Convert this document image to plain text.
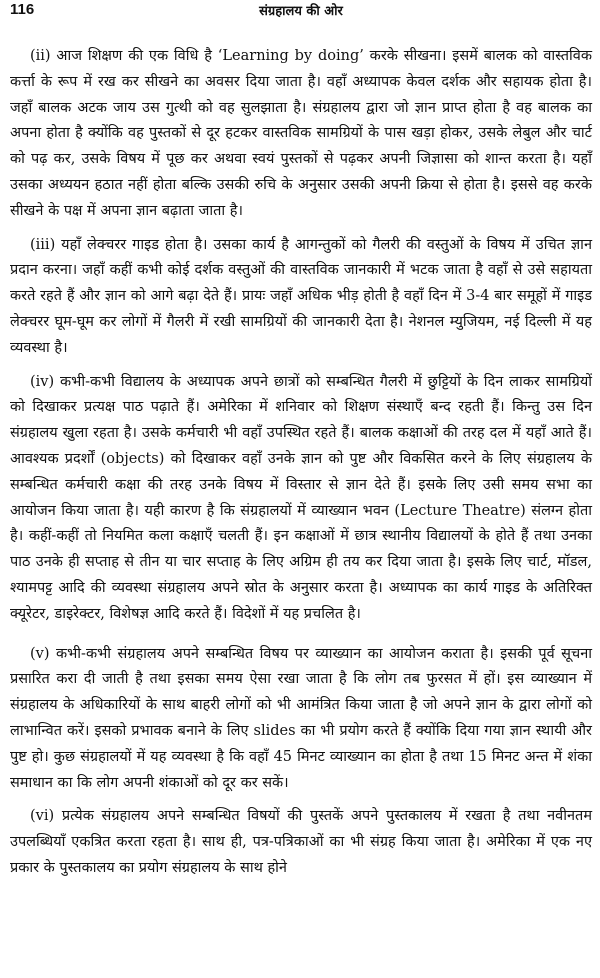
116	संग्रहालय की ओर

(ii) आज शिक्षण की एक विधि है ‘Learning by doing’ करके सीखना। इसमें बालक को वास्तविक कर्त्ता के रूप में रख कर सीखने का अवसर दिया जाता है। वहाँ अध्यापक केवल दर्शक और सहायक होता है। जहाँ बालक अटक जाय उस गुत्थी को वह सुलझाता है। संग्रहालय द्वारा जो ज्ञान प्राप्त होता है वह बालक का अपना होता है क्योंकि वह पुस्तकों से दूर हटकर वास्तविक सामग्रियों के पास खड़ा होकर, उसके लेबुल और चार्ट को पढ़ कर, उसके विषय में पूछ कर अथवा स्वयं पुस्तकों से पढ़कर अपनी जिज्ञासा को शान्त करता है। यहाँ उसका अध्ययन हठात नहीं होता बल्कि उसकी रुचि के अनुसार उसकी अपनी क्रिया से होता है। इससे वह करके सीखने के पक्ष में अपना ज्ञान बढ़ाता जाता है।

(iii) यहाँ लेक्चरर गाइड होता है। उसका कार्य है आगन्तुकों को गैलरी की वस्तुओं के विषय में उचित ज्ञान प्रदान करना। जहाँ कहीं कभी कोई दर्शक वस्तुओं की वास्तविक जानकारी में भटक जाता है वहाँ से उसे सहायता करते रहते हैं और ज्ञान को आगे बढ़ा देते हैं। प्रायः जहाँ अधिक भीड़ होती है वहाँ दिन में 3-4 बार समूहों में गाइड लेक्चरर घूम-घूम कर लोगों में गैलरी में रखी सामग्रियों की जानकारी देता है। नेशनल म्युजियम, नई दिल्ली में यह व्यवस्था है।

(iv) कभी-कभी विद्यालय के अध्यापक अपने छात्रों को सम्बन्धित गैलरी में छुट्टियों के दिन लाकर सामग्रियों को दिखाकर प्रत्यक्ष पाठ पढ़ाते हैं। अमेरिका में शनिवार को शिक्षण संस्थाएँ बन्द रहती हैं। किन्तु उस दिन संग्रहालय खुला रहता है। उसके कर्मचारी भी वहाँ उपस्थित रहते हैं। बालक कक्षाओं की तरह दल में यहाँ आते हैं। आवश्यक प्रदर्शों (objects) को दिखाकर वहाँ उनके ज्ञान को पुष्ट और विकसित करने के लिए संग्रहालय के सम्बन्धित कर्मचारी कक्षा की तरह उनके विषय में विस्तार से ज्ञान देते हैं। इसके लिए उसी समय सभा का आयोजन किया जाता है। यही कारण है कि संग्रहालयों में व्याख्यान भवन (Lecture Theatre) संलग्न होता है। कहीं-कहीं तो नियमित कला कक्षाएँ चलती हैं। इन कक्षाओं में छात्र स्थानीय विद्यालयों के होते हैं तथा उनका पाठ उनके ही सप्ताह से तीन या चार सप्ताह के लिए अग्रिम ही तय कर दिया जाता है। इसके लिए चार्ट, मॉडल, श्यामपट्ट आदि की व्यवस्था संग्रहालय अपने स्रोत के अनुसार करता है। अध्यापक का कार्य गाइड के अतिरिक्त क्यूरेटर, डाइरेक्टर, विशेषज्ञ आदि करते हैं। विदेशों में यह प्रचलित है।

(v) कभी-कभी संग्रहालय अपने सम्बन्धित विषय पर व्याख्यान का आयोजन कराता है। इसकी पूर्व सूचना प्रसारित करा दी जाती है तथा इसका समय ऐसा रखा जाता है कि लोग तब फुरसत में हों। इस व्याख्यान में संग्रहालय के अधिकारियों के साथ बाहरी लोगों को भी आमंत्रित किया जाता है जो अपने ज्ञान के द्वारा लोगों को लाभान्वित करें। इसको प्रभावक बनाने के लिए slides का भी प्रयोग करते हैं क्योंकि दिया गया ज्ञान स्थायी और पुष्ट हो। कुछ संग्रहालयों में यह व्यवस्था है कि वहाँ 45 मिनट व्याख्यान का होता है तथा 15 मिनट अन्त में शंका समाधान का कि लोग अपनी शंकाओं को दूर कर सकें।

(vi) प्रत्येक संग्रहालय अपने सम्बन्धित विषयों की पुस्तकें अपने पुस्तकालय में रखता है तथा नवीनतम उपलब्धियाँ एकत्रित करता रहता है। साथ ही, पत्र-पत्रिकाओं का भी संग्रह किया जाता है। अमेरिका में एक नए प्रकार के पुस्तकालय का प्रयोग संग्रहालय के साथ होने
